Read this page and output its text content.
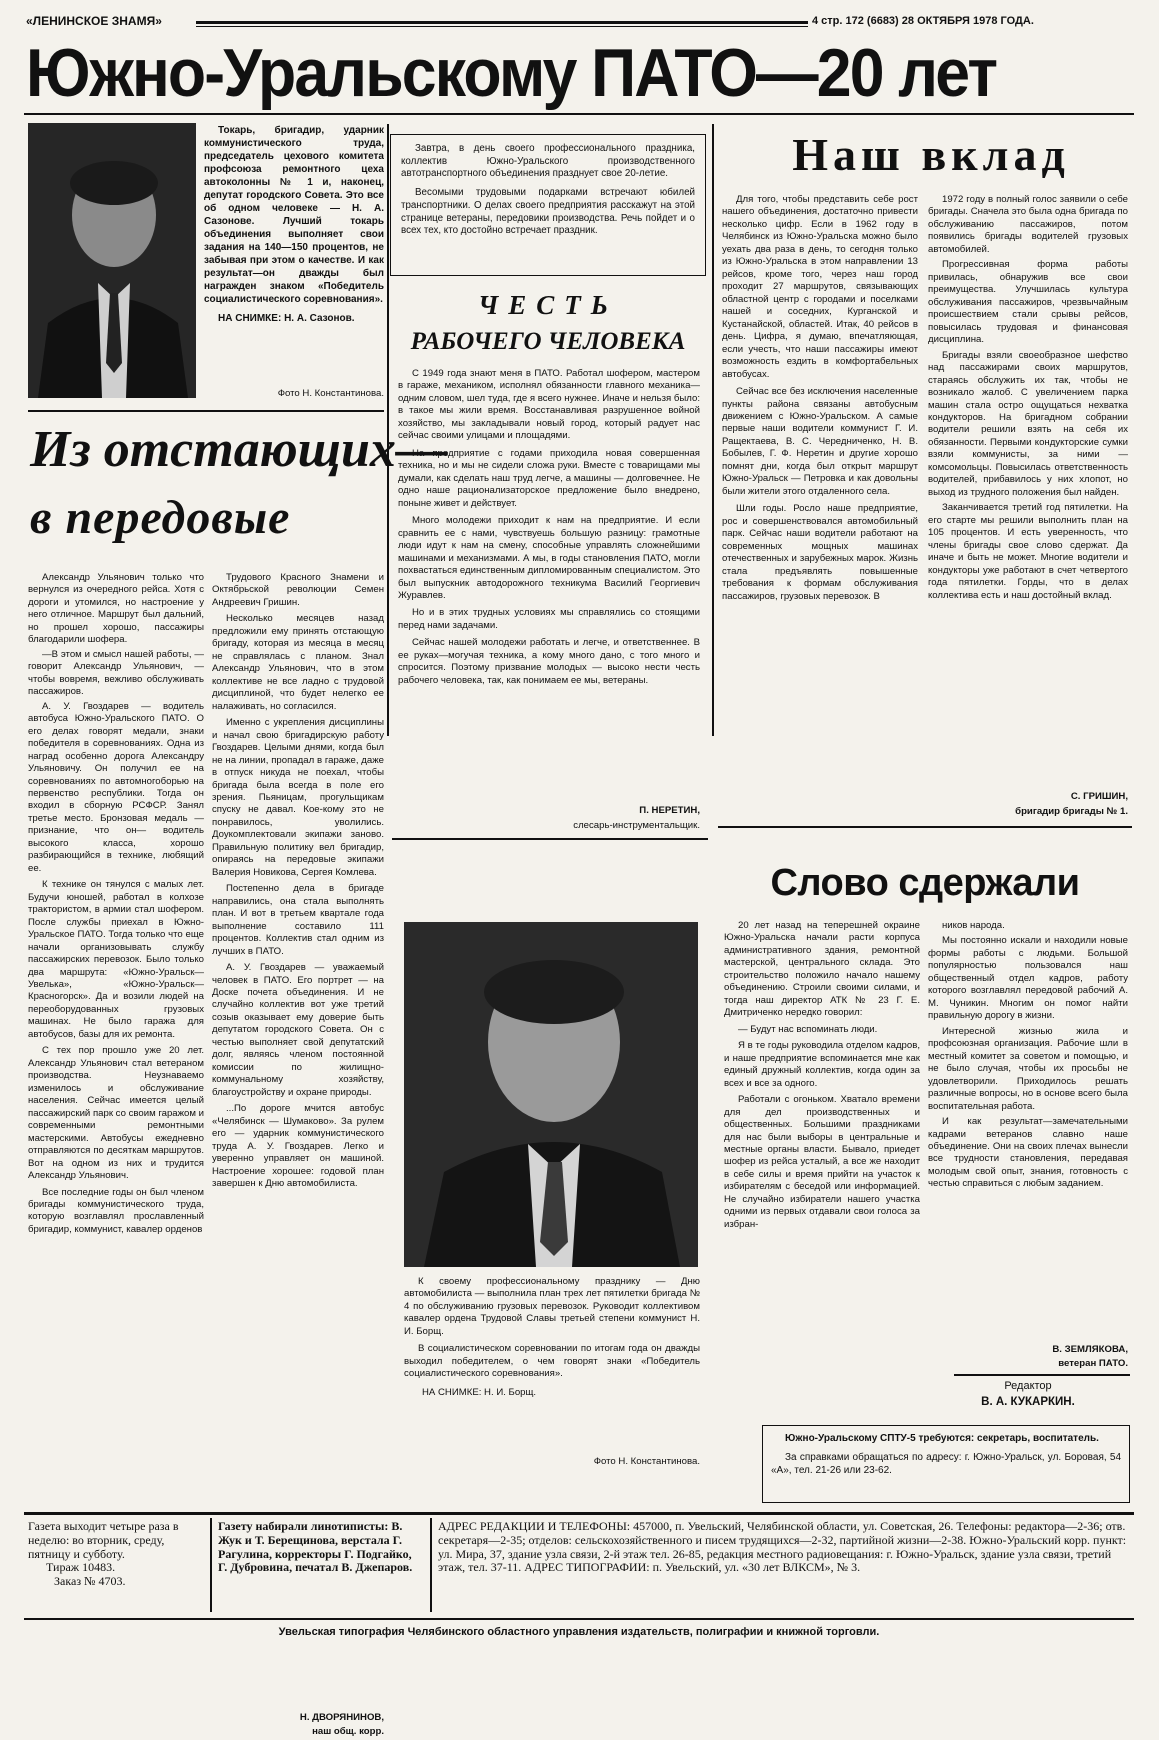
«ЛЕНИНСКОЕ ЗНАМЯ»	4 стр. 172 (6683) 28 ОКТЯБРЯ 1978 ГОДА.
Южно-Уральскому ПАТО—20 лет

Токарь, бригадир, ударник коммунистического труда, председатель цехового комитета профсоюза ремонтного цеха автоколонны № 1 и, наконец, депутат городского Совета. Это все об одном человеке — Н. А. Сазонове. Лучший токарь объединения выполняет свои задания на 140—150 процентов, не забывая при этом о качестве. И как результат—он дважды был награжден знаком «Победитель социалистического соревнования».

НА СНИМКЕ: Н. А. Сазонов.

Фото Н. Константинова.

Завтра, в день своего профессионального праздника, коллектив Южно-Уральского производственного автотранспортного объединения празднует свое 20-летие.

Весомыми трудовыми подарками встречают юбилей транспортники. О делах своего предприятия расскажут на этой странице ветераны, передовики производства. Речь пойдет и о всех тех, кто достойно встречает праздник.

ЧЕСТЬ
РАБОЧЕГО ЧЕЛОВЕКА

С 1949 года знают меня в ПАТО. Работал шофером, мастером в гараже, механиком, исполнял обязанности главного механика—одним словом, шел туда, где я всего нужнее. Иначе и нельзя было: в такое мы жили время. Восстанавливая разрушенное войной хозяйство, мы закладывали новый город, который радует нас сейчас своими улицами и площадями.

На предприятие с годами приходила новая совершенная техника, но и мы не сидели сложа руки. Вместе с товарищами мы думали, как сделать наш труд легче, а машины — долговечнее. Не одно наше рационализаторское предложение было внедрено, поныне живет и действует.

Много молодежи приходит к нам на предприятие. И если сравнить ее с нами, чувствуешь большую разницу: грамотные люди идут к нам на смену, способные управлять сложнейшими машинами и механизмами. А мы, в годы становления ПАТО, могли похвастаться единственным дипломированным специалистом. Это был выпускник автодорожного техникума Василий Георгиевич Журавлев.

Но и в этих трудных условиях мы справлялись со стоящими перед нами задачами.

Сейчас нашей молодежи работать и легче, и ответственнее. В ее руках—могучая техника, а кому много дано, с того много и спросится. Поэтому призвание молодых — высоко нести честь рабочего человека, так, как понимаем ее мы, ветераны.

П. НЕРЕТИН,
слесарь-инструментальщик.
Наш вклад

Для того, чтобы представить себе рост нашего объединения, достаточно привести несколько цифр. Если в 1962 году в Челябинск из Южно-Уральска можно было уехать два раза в день, то сегодня только из Южно-Уральска в этом направлении 13 рейсов, кроме того, через наш город проходит 27 маршрутов, связывающих областной центр с городами и поселками нашей и соседних, Курганской и Кустанайской, областей. Итак, 40 рейсов в день. Цифра, я думаю, впечатляющая, если учесть, что наши пассажиры имеют возможность ездить в комфортабельных автобусах.

Сейчас все без исключения населенные пункты района связаны автобусным движением с Южно-Уральском. А самые первые наши водители коммунист Г. И. Ращектаева, В. С. Чередниченко, Н. В. Бобылев, Г. Ф. Неретин и другие хорошо помнят дни, когда был открыт маршрут Южно-Уральск — Петровка и как довольны были жители этого отдаленного села.

Шли годы. Росло наше предприятие, рос и совершенствовался автомобильный парк. Сейчас наши водители работают на современных мощных машинах отечественных и зарубежных марок. Жизнь стала предъявлять повышенные требования к формам обслуживания пассажиров, грузовых перевозок. В

1972 году в полный голос заявили о себе бригады. Сначела это была одна бригада по обслуживанию пассажиров, потом появились бригады водителей грузовых автомобилей.

Прогрессивная форма работы привилась, обнаружив все свои преимущества. Улучшилась культура обслуживания пассажиров, чрезвычайным происшествием стали срывы рейсов, повысилась трудовая и финансовая дисциплина.

Бригады взяли своеобразное шефство над пассажирами своих маршрутов, стараясь обслужить их так, чтобы не возникало жалоб. С увеличением парка машин стала остро ощущаться нехватка кондукторов. На бригадном собрании водители решили взять на себя их обязанности. Первыми кондукторские сумки взяли коммунисты, за ними — комсомольцы. Повысилась ответственность водителей, прибавилось у них хлопот, но выход из трудного положения был найден.

Заканчивается третий год пятилетки. На его старте мы решили выполнить план на 105 процентов. И есть уверенность, что члены бригады свое слово сдержат. Да иначе и быть не может. Многие водители и кондукторы уже работают в счет четвертого года пятилетки. Горды, что в делах коллектива есть и наш достойный вклад.

С. ГРИШИН,
бригадир бригады № 1.
Из отстающих—
в передовые

Александр Ульянович только что вернулся из очередного рейса. Хотя с дороги и утомился, но настроение у него отличное. Маршрут был дальний, но прошел хорошо, пассажиры благодарили шофера.

—В этом и смысл нашей работы, — говорит Александр Ульянович, — чтобы вовремя, вежливо обслуживать пассажиров.

А. У. Гвоздарев — водитель автобуса Южно-Уральского ПАТО. О его делах говорят медали, знаки победителя в соревнованиях. Одна из наград особенно дорога Александру Ульяновичу. Он получил ее на соревнованиях по автомногоборью на первенство республики. Тогда он входил в сборную РСФСР. Занял третье место. Бронзовая медаль — признание, что он— водитель высокого класса, хорошо разбирающийся в технике, любящий ее.

К технике он тянулся с малых лет. Будучи юношей, работал в колхозе трактористом, в армии стал шофером. После службы приехал в Южно-Уральское ПАТО. Тогда только что еще начали организовывать службу пассажирских перевозок. Было только два маршрута: «Южно-Уральск—Увелька», «Южно-Уральск—Красногорск». Да и возили людей на переоборудованных грузовых машинах. Не было гаража для автобусов, базы для их ремонта.

С тех пор прошло уже 20 лет. Александр Ульянович стал ветераном производства. Неузнаваемо изменилось и обслуживание населения. Сейчас имеется целый пассажирский парк со своим гаражом и современными ремонтными мастерскими. Автобусы ежедневно отправляются по десяткам маршрутов. Вот на одном из них и трудится Александр Ульянович.

Все последние годы он был членом бригады коммунистического труда, которую возглавлял прославленный бригадир, коммунист, кавалер орденов

Трудового Красного Знамени и Октябрьской революции Семен Андреевич Гришин.

Несколько месяцев назад предложили ему принять отстающую бригаду, которая из месяца в месяц не справлялась с планом. Знал Александр Ульянович, что в этом коллективе не все ладно с трудовой дисциплиной, что будет нелегко ее налаживать, но согласился.

Именно с укрепления дисциплины и начал свою бригадирскую работу Гвоздарев. Целыми днями, когда был не на линии, пропадал в гараже, даже в отпуск никуда не поехал, чтобы бригада была всегда в поле его зрения. Пьяницам, прогульщикам спуску не давал. Кое-кому это не понравилось, уволились. Доукомплектовали экипажи заново. Правильную политику вел бригадир, опираясь на передовые экипажи Валерия Новикова, Сергея Комлева.

Постепенно дела в бригаде направились, она стала выполнять план. И вот в третьем квартале года выполнение составило 111 процентов. Коллектив стал одним из лучших в ПАТО.

А. У. Гвоздарев — уважаемый человек в ПАТО. Его портрет — на Доске почета объединения. И не случайно коллектив вот уже третий созыв оказывает ему доверие быть депутатом городского Совета. Он с честью выполняет свой депутатский долг, являясь членом постоянной комиссии по жилищно-коммунальному хозяйству, благоустройству и охране природы.

...По дороге мчится автобус «Челябинск — Шумаково». За рулем его — ударник коммунистического труда А. У. Гвоздарев. Легко и уверенно управляет он машиной. Настроение хорошее: годовой план завершен к Дню автомобилиста.

Н. ДВОРЯНИНОВ,
наш общ. корр.

К своему профессиональному празднику — Дню автомобилиста — выполнила план трех лет пятилетки бригада № 4 по обслуживанию грузовых перевозок. Руководит коллективом кавалер ордена Трудовой Славы третьей степени коммунист Н. И. Борщ.

В социалистическом соревновании по итогам года он дважды выходил победителем, о чем говорят знаки «Победитель социалистического соревнования».

НА СНИМКЕ: Н. И. Борщ.

Фото Н. Константинова.
Слово сдержали

20 лет назад на теперешней окраине Южно-Уральска начали расти корпуса административного здания, ремонтной мастерской, центрального склада. Это строительство положило начало нашему объединению. Строили своими силами, и тогда наш директор АТК № 23 Г. Е. Дмитриченко нередко говорил:

— Будут нас вспоминать люди.

Я в те годы руководила отделом кадров, и наше предприятие вспоминается мне как единый дружный коллектив, когда один за всех и все за одного.

Работали с огоньком. Хватало времени для дел производственных и общественных. Большими праздниками для нас были выборы в центральные и местные органы власти. Бывало, приедет шофер из рейса усталый, а все же находит в себе силы и время прийти на участок к избирателям с беседой или информацией. Не случайно избиратели нашего участка одними из первых отдавали свои голоса за избран-

ников народа.

Мы постоянно искали и находили новые формы работы с людьми. Большой популярностью пользовался наш общественный отдел кадров, работу которого возглавлял передовой рабочий А. М. Чуникин. Многим он помог найти правильную дорогу в жизни.

Интересной жизнью жила и профсоюзная организация. Рабочие шли в местный комитет за советом и помощью, и не было случая, чтобы их просьбы не удовлетворили. Приходилось решать различные вопросы, но в основе всего была воспитательная работа.

И как результат—замечательными кадрами ветеранов славно наше объединение. Они на своих плечах вынесли все трудности становления, передавая молодым свой опыт, знания, готовность с честью справиться с любым заданием.

В. ЗЕМЛЯКОВА,
ветеран ПАТО.
Редактор
В. А. КУКАРКИН.

Южно-Уральскому СПТУ-5 требуются: секретарь, воспитатель.

За справками обращаться по адресу: г. Южно-Уральск, ул. Боровая, 54 «А», тел. 21-26 или 23-62.

Газета выходит четыре раза в неделю: во вторник, среду, пятницу и субботу.
Тираж 10483.
Заказ № 4703.
Газету набирали линотиписты: В. Жук и Т. Берещинова, верстала Г. Рагулина, корректоры Г. Подгайко, Г. Дубровина, печатал В. Джепаров.
АДРЕС РЕДАКЦИИ И ТЕЛЕФОНЫ: 457000, п. Увельский, Челябинской области, ул. Советская, 26. Телефоны: редактора—2-36; отв. секретаря—2-35; отделов: сельскохозяйственного и писем трудящихся—2-32, партийной жизни—2-38. Южно-Уральский корр. пункт: ул. Мира, 37, здание узла связи, 2-й этаж тел. 26-85, редакция местного радиовещания: г. Южно-Уральск, здание узла связи, третий этаж, тел. 37-11. АДРЕС ТИПОГРАФИИ: п. Увельский, ул. «30 лет ВЛКСМ», № 3.
Увельская типография Челябинского областного управления издательств, полиграфии и книжной торговли.
